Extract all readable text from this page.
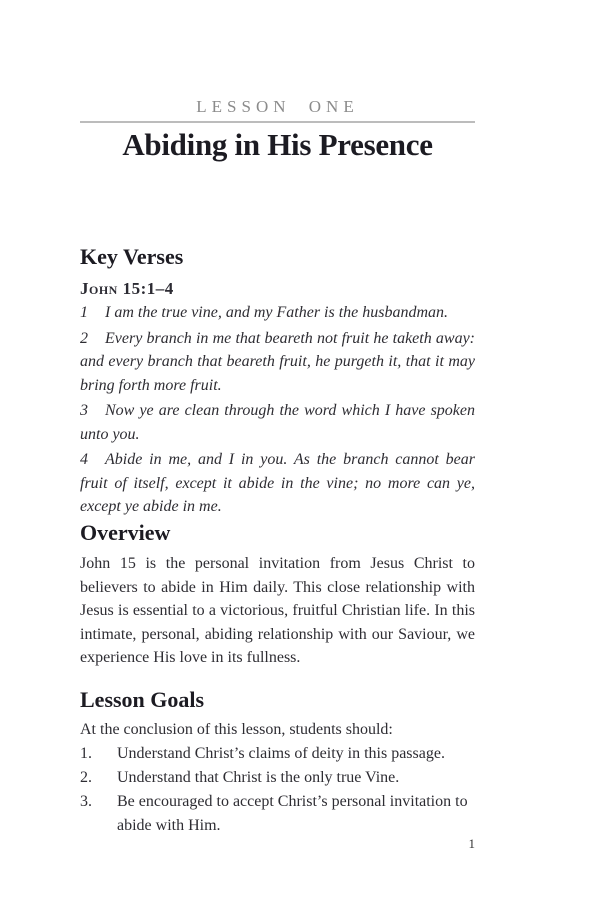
LESSON ONE
Abiding in His Presence
Key Verses
John 15:1–4

1 I am the true vine, and my Father is the husbandman.

2 Every branch in me that beareth not fruit he taketh away: and every branch that beareth fruit, he purgeth it, that it may bring forth more fruit.

3 Now ye are clean through the word which I have spoken unto you.

4 Abide in me, and I in you. As the branch cannot bear fruit of itself, except it abide in the vine; no more can ye, except ye abide in me.

Overview

John 15 is the personal invitation from Jesus Christ to believers to abide in Him daily. This close relationship with Jesus is essential to a victorious, fruitful Christian life. In this intimate, personal, abiding relationship with our Saviour, we experience His love in its fullness.

Lesson Goals

At the conclusion of this lesson, students should:

1. Understand Christ’s claims of deity in this passage.
2. Understand that Christ is the only true Vine.
3. Be encouraged to accept Christ’s personal invitation to abide with Him.
1
